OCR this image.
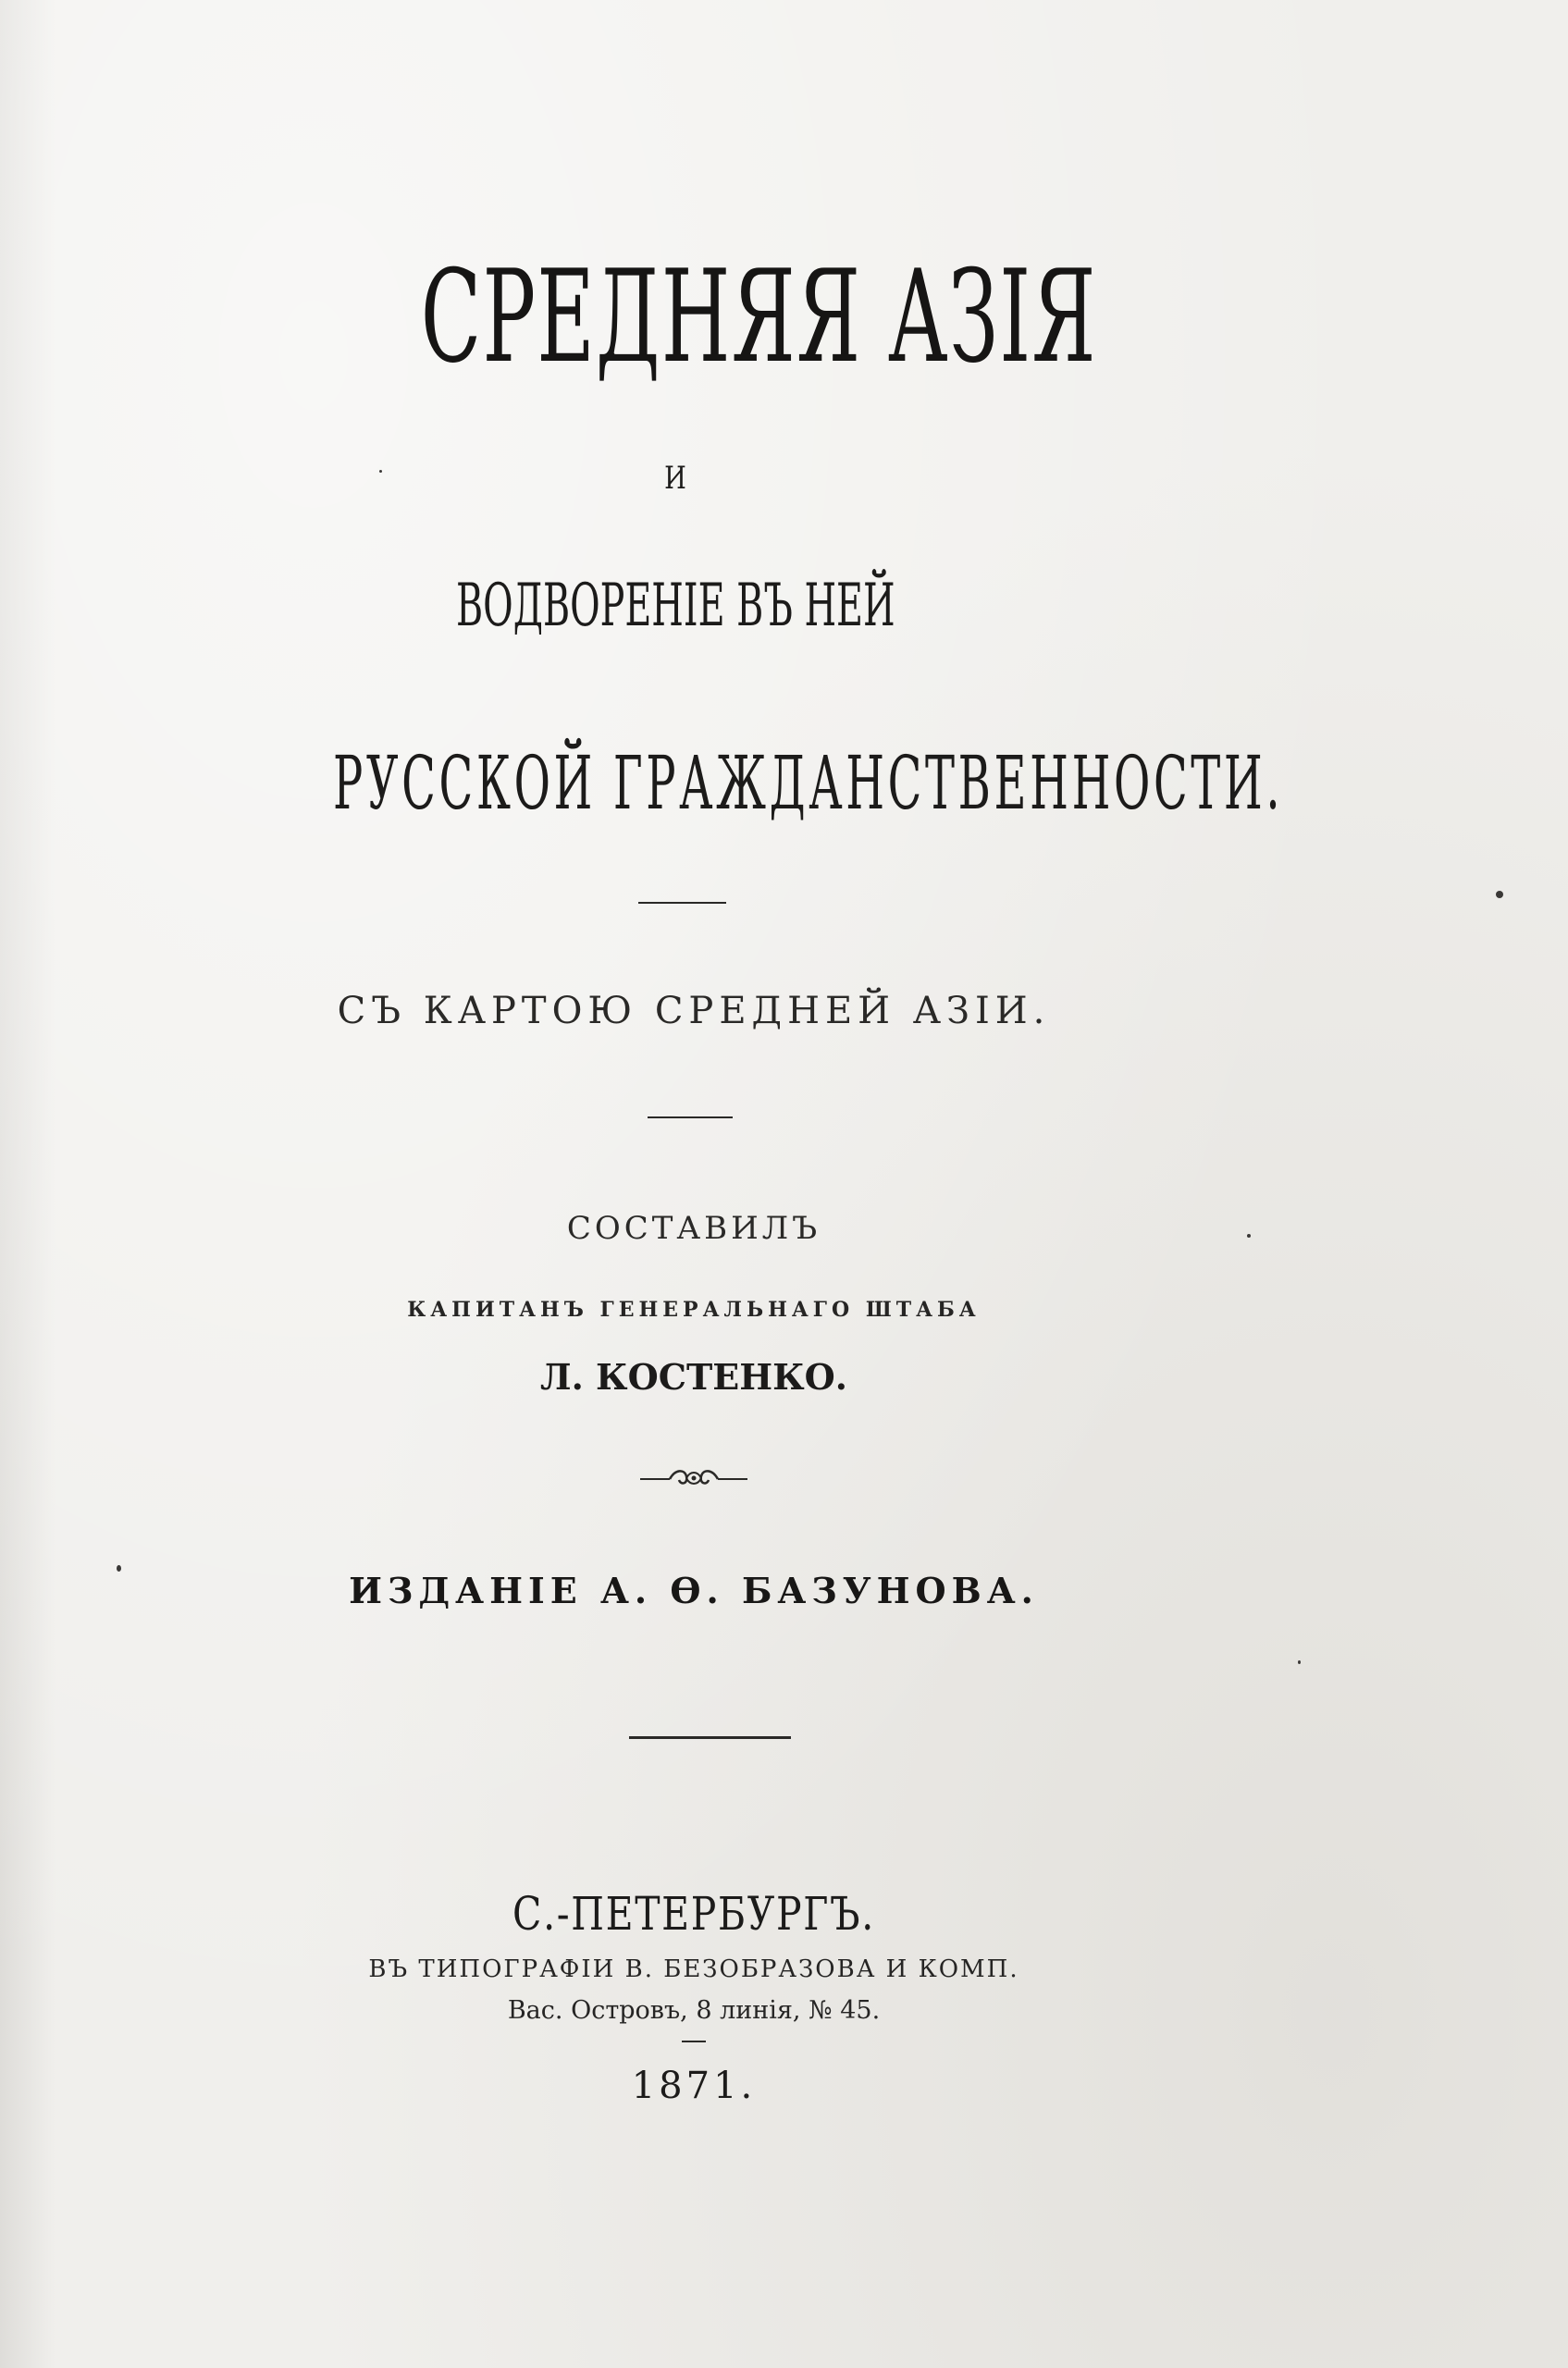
СРЕДНЯЯ АЗІЯ
И
ВОДВОРЕНІЕ ВЪ НЕЙ
РУССКОЙ ГРАЖДАНСТВЕННОСТИ.
СЪ КАРТОЮ СРЕДНЕЙ АЗІИ.
СОСТАВИЛЪ
КАПИТАНЪ ГЕНЕРАЛЬНАГО ШТАБА
Л. КОСТЕНКО.
ИЗДАНІЕ А. Ѳ. БАЗУНОВА.
С.-ПЕТЕРБУРГЪ.
ВЪ ТИПОГРАФІИ В. БЕЗОБРАЗОВА И КОМП.
Вас. Островъ, 8 линія, № 45.
1871.
